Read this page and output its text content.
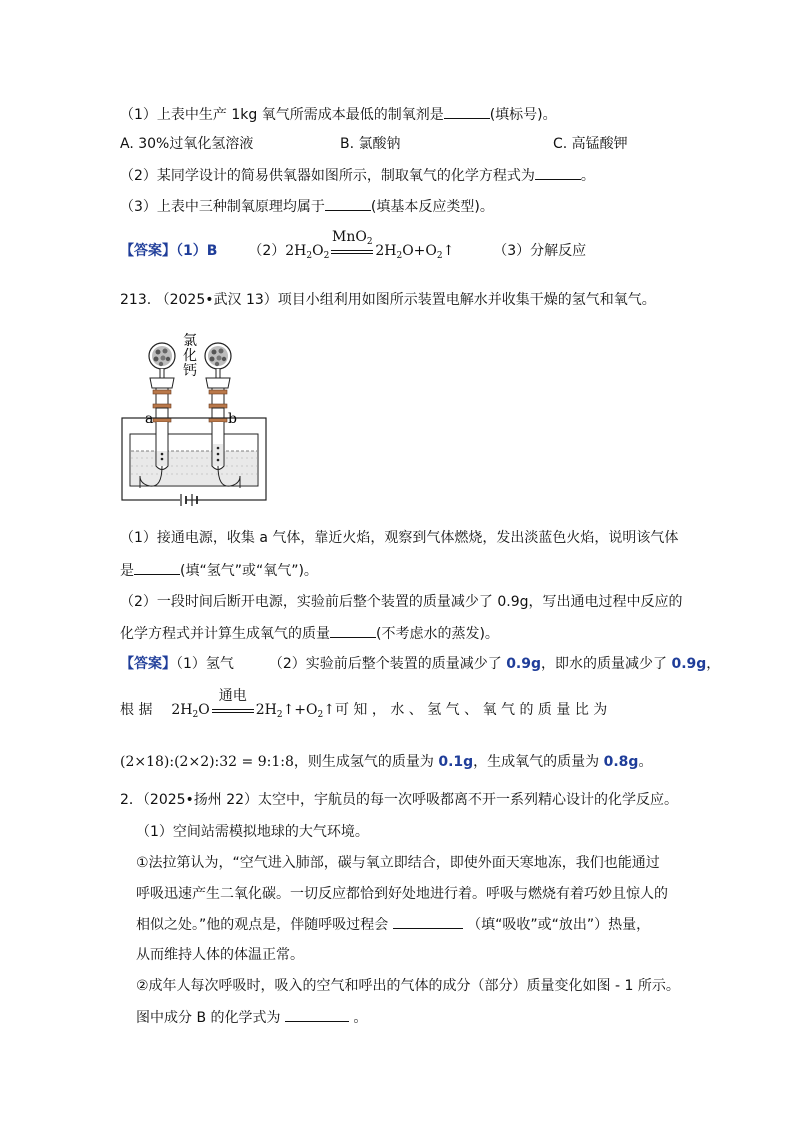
（1）上表中生产 1kg 氧气所需成本最低的制氧剂是	(填标号)。
A. 30%过氧化氢溶液	B. 氯酸钠	C. 高锰酸钾
（2）某同学设计的简易供氧器如图所示，制取氧气的化学方程式为	。
（3）上表中三种制氧原理均属于	(填基本反应类型)。
【答案】（1）B $(2)2H_2O_2$
MnO$_2$
$2H_2O+O_2↑$	（3）分解反应
213. （2025•武汉 13）项目小组利用如图所示装置电解水并收集干燥的氢气和氧气。
氯
化
钙
a	b
（1）接通电源，收集 a 气体，靠近火焰，观察到气体燃烧，发出淡蓝色火焰，说明该气体
是	(填“氢气”或“氧气”)。
（2）一段时间后断开电源，实验前后整个装置的质量减少了 0.9g，写出通电过程中反应的
化学方程式并计算生成氧气的质量	(不考虑水的蒸发)。
【答案】（1）氢气 （2）实验前后整个装置的质量减少了 0.9g，即水的质量减少了 0.9g，
根 据 $2H_2O$
通电
$2H_2↑+O_2↑$可 知 ， 水 、 氢 气 、 氧 气 的 质 量 比 为
(2×18):(2×2):32 = 9:1:8，则生成氢气的质量为 0.1g，生成氧气的质量为 0.8g。
2．（2025•扬州 22）太空中，宇航员的每一次呼吸都离不开一系列精心设计的化学反应。
（1）空间站需模拟地球的大气环境。
①法拉第认为，“空气进入肺部，碳与氧立即结合，即使外面天寒地冻，我们也能通过
呼吸迅速产生二氧化碳。一切反应都恰到好处地进行着。呼吸与燃烧有着巧妙且惊人的
相似之处。”他的观点是，伴随呼吸过程会	（填“吸收”或“放出”）热量，
从而维持人体的体温正常。
②成年人每次呼吸时，吸入的空气和呼出的气体的成分（部分）质量变化如图 - 1 所示。
图中成分 B 的化学式为	。
